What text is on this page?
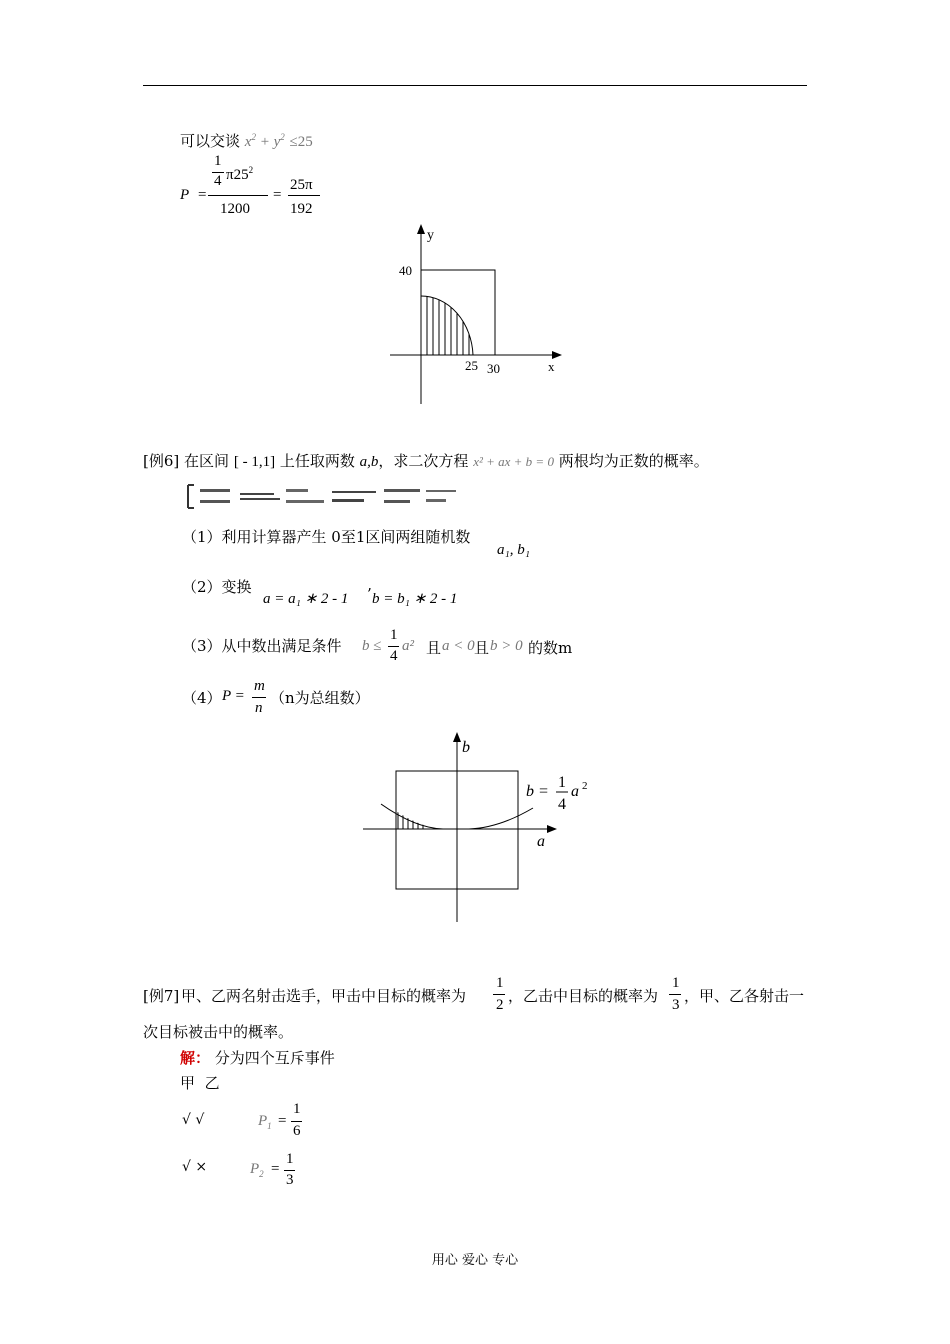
可以交谈 $x^2 + y^2 \le 25$
P =
1
4 $\pi 25^2$
1200
=
25π
192
y
x
40
25 30
[例6] 在区间 [ - 1,1] 上任取两数 a,b，求二次方程 x² + ax + b = 0 两根均为正数的概率。
（1）利用计算器产生 0至1区间两组随机数
a₁, b₁
（2）变换
a = a₁ ∗ 2 - 1 ’ b = b₁ ∗ 2 - 1
（3）从中数出满足条件 b ≤
1
4
a² 且 a < 0 且 b > 0 的数m
（4） P =
m
n
（n为总组数）
b
a
b =
1
4
a 2
[例7] 甲、乙两名射击选手，甲击中目标的概率为
1
2 ，乙击中目标的概率为
1
3 ，甲、乙各射击一
次目标被击中的概率。
解： 分为四个互斥事件
甲 乙
√ √	$P_1$ =
1
6
√ ×	$P_2$ =
1
3
用心 爱心 专心
